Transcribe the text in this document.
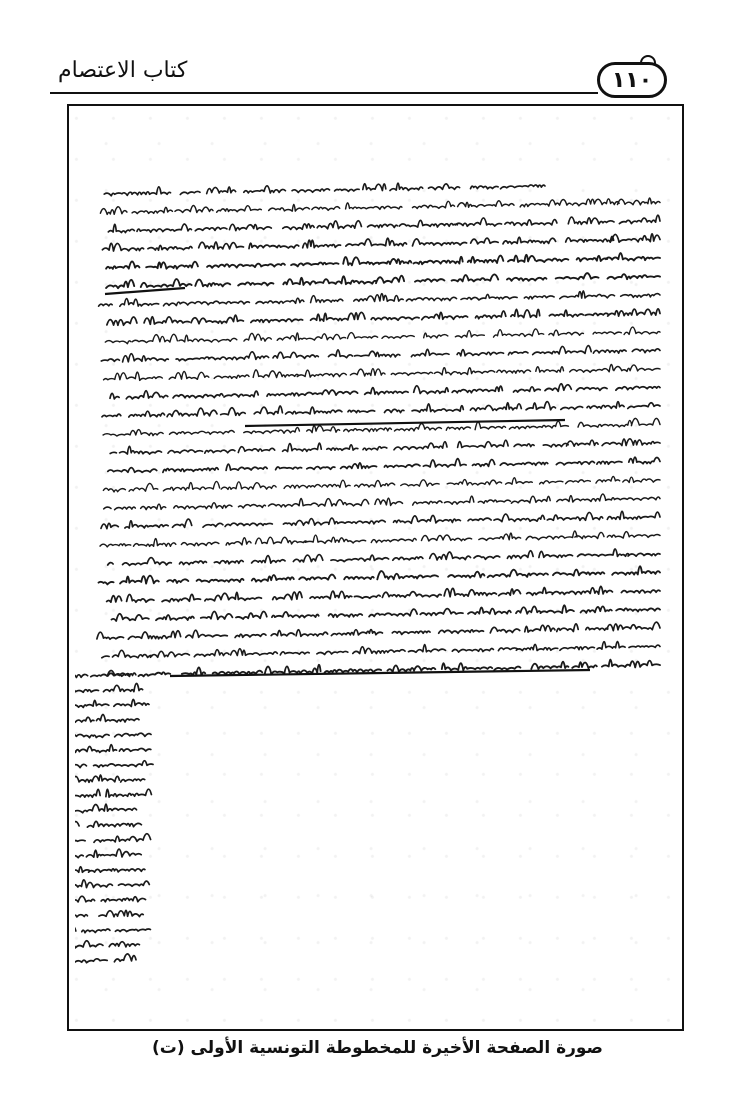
كتاب الاعتصام	١١٠
صورة الصفحة الأخيرة للمخطوطة التونسية الأولى (ت)
